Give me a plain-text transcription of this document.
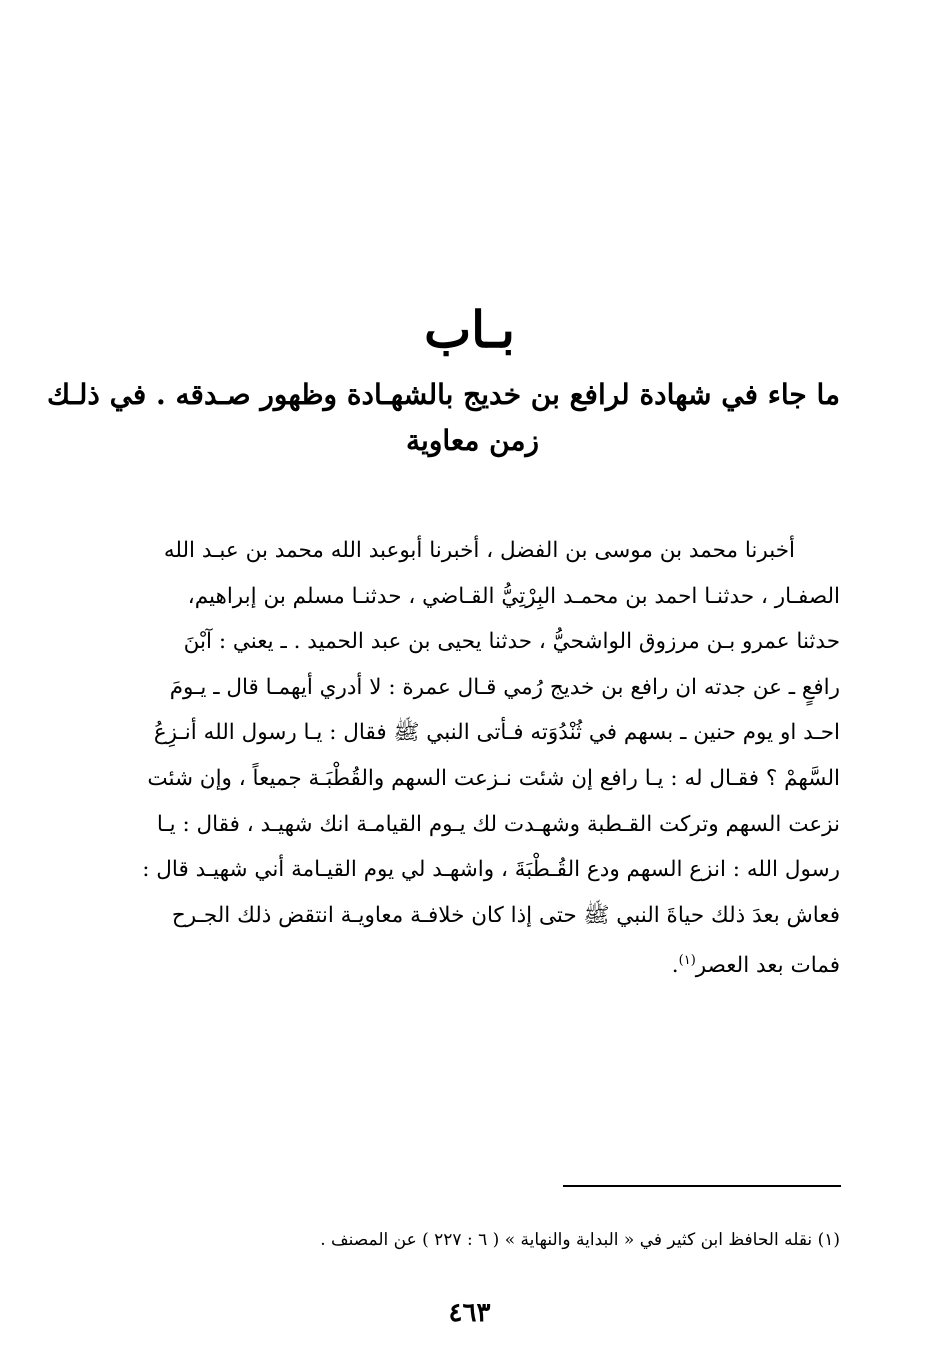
بـاب
ما جاء في شهادة لرافع بن خديج بالشهـادة وظهور صـدقه . في ذلـك
زمن معاوية
أخبرنا محمد بن موسى بن الفضل ، أخبرنا أبوعبد الله محمد بن عبـد الله
الصفـار ، حدثنـا احمد بن محمـد البِرْتِيُّ القـاضي ، حدثنـا مسلم بن إبراهيم،
حدثنا عمرو بـن مرزوق الواشحيُّ ، حدثنا يحيى بن عبد الحميد . ـ يعني : آبْنَ
رافعٍ ـ عن جدته ان رافع بن خديج رُمي قـال عمرة : لا أدري أيهمـا قال ـ يـومَ
احـد او يوم حنين ـ بسهم في ثُنْدُوَته فـأتى النبي ﷺ فقال : يـا رسول الله أنـزِعُ
السَّهمْ ؟ فقـال له : يـا رافع إن شئت نـزعت السهم والقُطْبَـة جميعاً ، وإن شئت
نزعت السهم وتركت القـطبة وشهـدت لك يـوم القيامـة انك شهيـد ، فقال : يـا
رسول الله : انزع السهم ودع القُـطْبَةَ ، واشهـد لي يوم القيـامة أني شهيـد قال :
فعاش بعدَ ذلك حياةَ النبي ﷺ حتى إذا كان خلافـة معاويـة انتقض ذلك الجـرح
فمات بعد العصر$^{(١)}$.
(١) نقله الحافظ ابن كثير في « البداية والنهاية » ( ٦ : ٢٢٧ ) عن المصنف .
٤٦٣
